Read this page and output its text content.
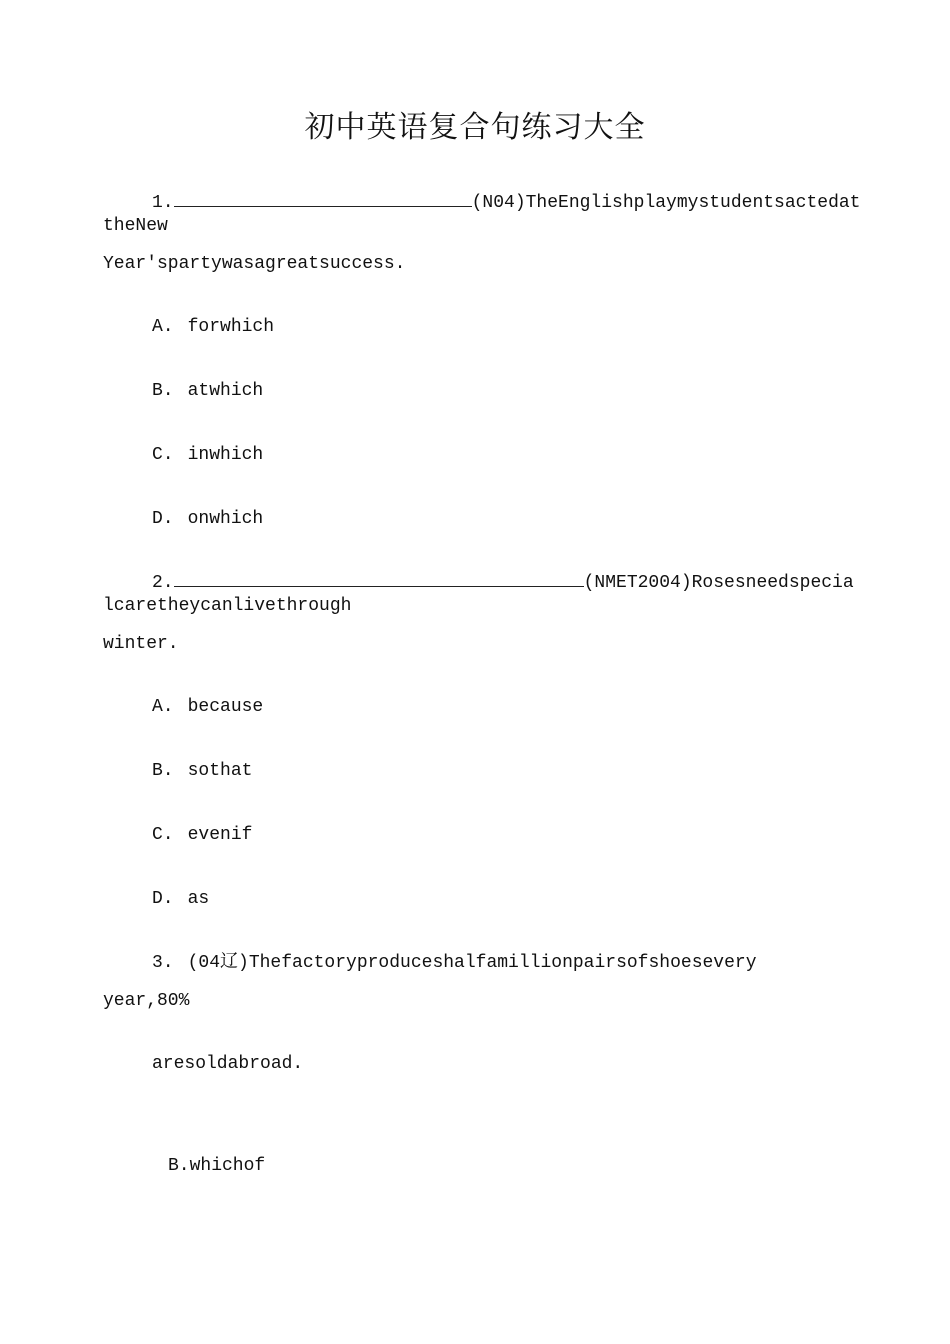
初中英语复合句练习大全
1.	(N04)TheEnglishplaymystudentsactedat
theNew
Year'spartywasagreatsuccess.
A. forwhich
B. atwhich
C. inwhich
D. onwhich
2.	(NMET2004)Rosesneedspecia
lcaretheycanlivethrough
winter.
A. because
B. sothat
C. evenif
D. as
3. (04辽)Thefactoryproduceshalfamillionpairsofshoesevery
year,80%
aresoldabroad.
B.whichof
